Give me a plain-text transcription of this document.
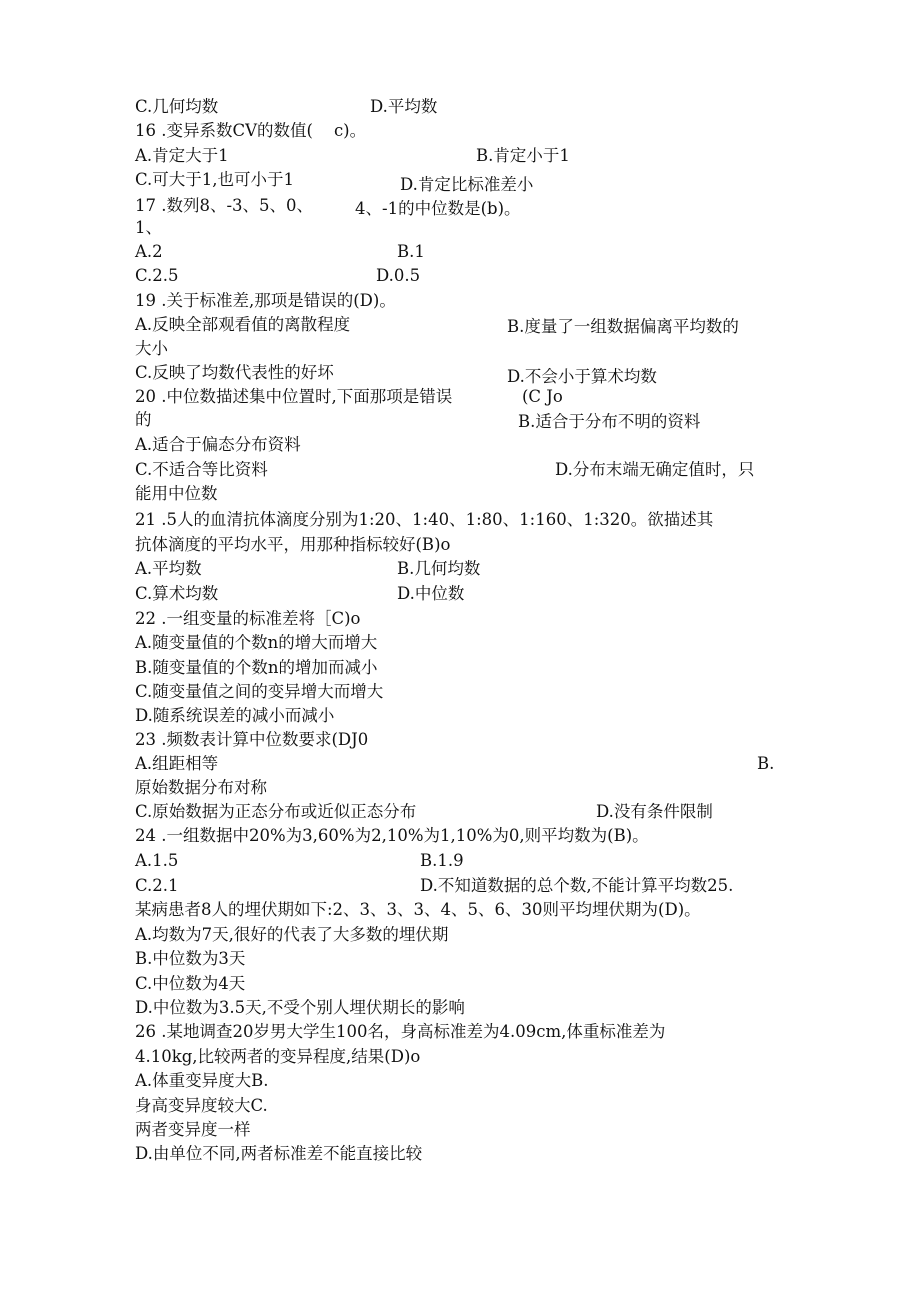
C.几何均数	D.平均数
16 .变异系数CV的数值(    c)。
A.肯定大于1	B.肯定小于1
C.可大于1,也可小于1	D.肯定比标准差小
17 .数列8、-3、5、0、	4、-1的中位数是(b)。
1、
A.2	B.1
C.2.5	D.0.5
19 .关于标准差,那项是错误的(D)。
A.反映全部观看值的离散程度	B.度量了一组数据偏离平均数的
大小
C.反映了均数代表性的好坏	D.不会小于算术均数
20 .中位数描述集中位置时,下面那项是错误	(C Jo
的	B.适合于分布不明的资料
A.适合于偏态分布资料
C.不适合等比资料	D.分布末端无确定值时，只
能用中位数
21 .5人的血清抗体滴度分别为1:20、1:40、1:80、1:160、1:320。欲描述其
抗体滴度的平均水平，用那种指标较好(B)o
A.平均数	B.几何均数
C.算术均数	D.中位数
22 .一组变量的标准差将［C)o
A.随变量值的个数n的增大而增大
B.随变量值的个数n的增加而减小
C.随变量值之间的变异增大而增大
D.随系统误差的减小而减小
23 .频数表计算中位数要求(DJ0
A.组距相等	B.
原始数据分布对称
C.原始数据为正态分布或近似正态分布	D.没有条件限制
24 .一组数据中20%为3,60%为2,10%为1,10%为0,则平均数为(B)。
A.1.5	B.1.9
C.2.1	D.不知道数据的总个数,不能计算平均数25.
某病患者8人的埋伏期如下:2、3、3、3、4、5、6、30则平均埋伏期为(D)。
A.均数为7天,很好的代表了大多数的埋伏期
B.中位数为3天
C.中位数为4天
D.中位数为3.5天,不受个别人埋伏期长的影响
26 .某地调查20岁男大学生100名，身高标准差为4.09cm,体重标准差为
4.10kg,比较两者的变异程度,结果(D)o
A.体重变异度大B.
身高变异度较大C.
两者变异度一样
D.由单位不同,两者标准差不能直接比较
